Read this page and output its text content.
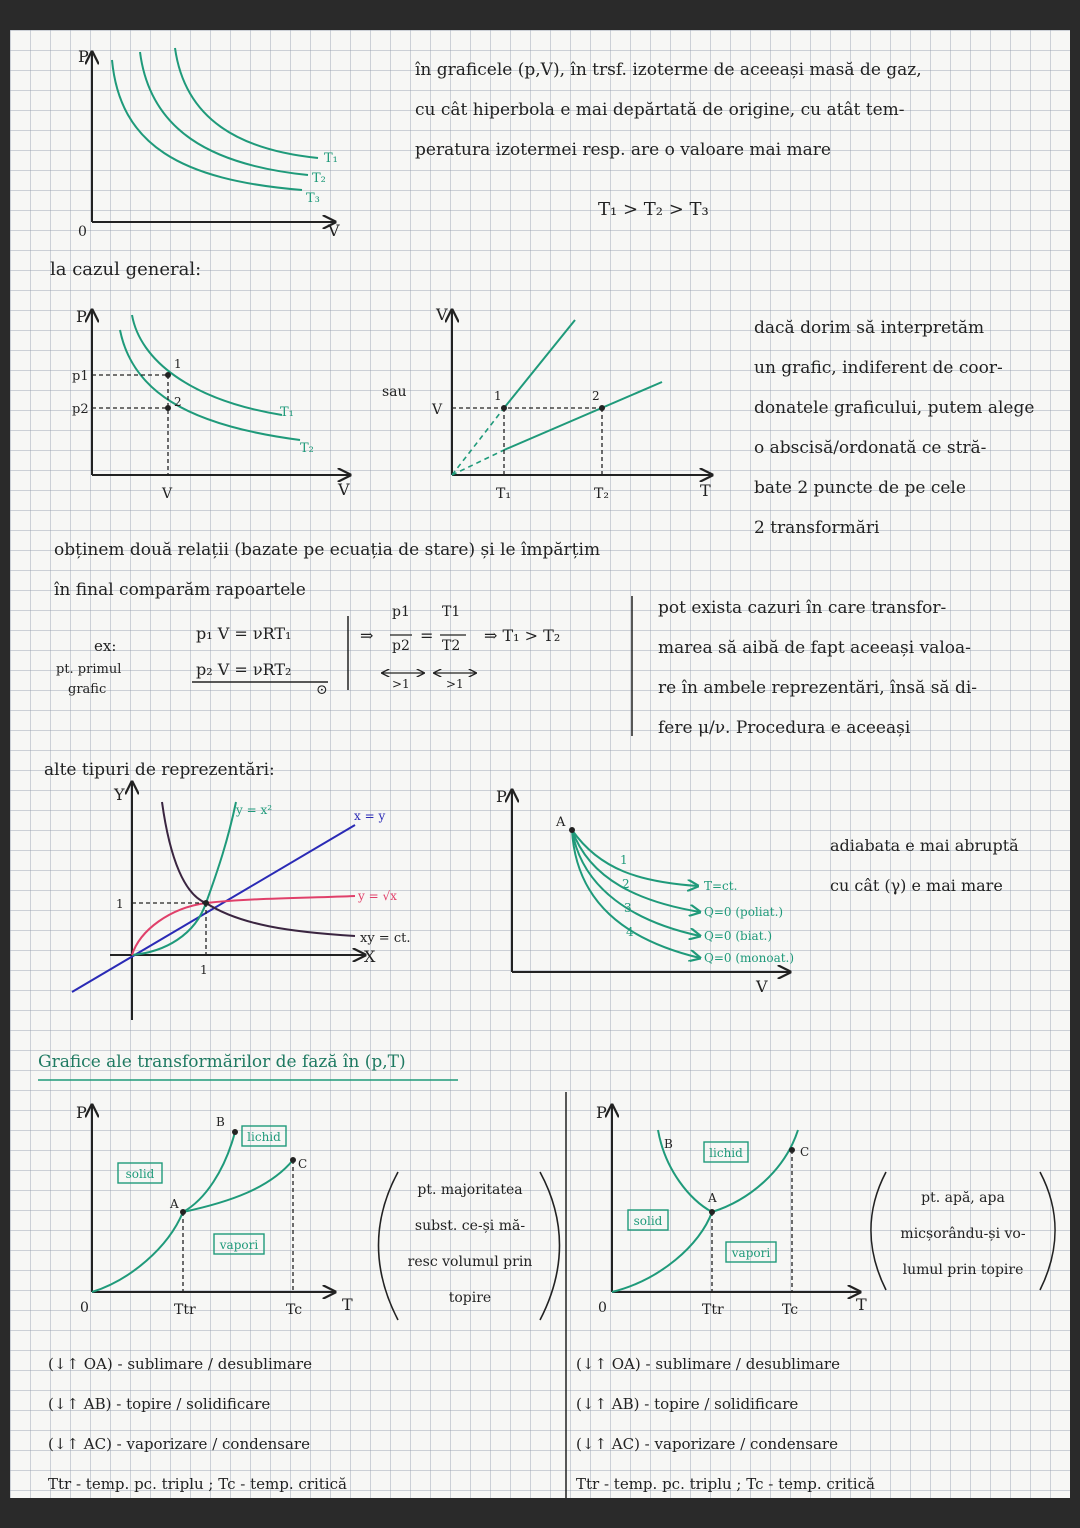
P
V
0
T₁
T₂
T₃
P
V
V
p1
p2
1
2
T₁
T₂
sau
V
T
V
T₁	T₂
1	2
Y
X
1
1
y = x²	x = y
y = √x
xy = ct.
P
V
A
1
2
3
4
T=ct.
Q=0 (poliat.)
Q=0 (biat.)
Q=0 (monoat.)
solid
lichid
vapori
P
T
0
A
B
C
Ttr	Tc
lichid
solid
vapori
P
T
0
A
B
C
Ttr	Tc
în graficele (p,V), în trsf. izoterme de aceeași masă de gaz,
cu cât hiperbola e mai depărtată de origine, cu atât tem-
peratura izotermei resp. are o valoare mai mare
T₁ > T₂ > T₃
la cazul general:
dacă dorim să interpretăm
un grafic, indiferent de coor-
donatele graficului, putem alege
o abscisă/ordonată ce stră-
bate 2 puncte de pe cele
2 transformări
obținem două relații (bazate pe ecuația de stare) și le împărțim
în final comparăm rapoartele
ex:
pt. primul
grafic
p₁ V = νRT₁
p₂ V = νRT₂
⊙
⇒
p1
p2
=
T1
T2
>1	>1
⇒ T₁ > T₂
pot exista cazuri în care transfor-
marea să aibă de fapt aceeași valoa-
re în ambele reprezentări, însă să di-
fere μ/ν. Procedura e aceeași
alte tipuri de reprezentări:
adiabata e mai abruptă
cu cât (γ) e mai mare
Grafice ale transformărilor de fază în (p,T)
pt. majoritatea
subst. ce-și mă-
resc volumul prin
topire
pt. apă, apa
micșorându-și vo-
lumul prin topire
(↓↑ OA) - sublimare / desublimare
(↓↑ AB) - topire / solidificare
(↓↑ AC) - vaporizare / condensare
Ttr - temp. pc. triplu ; Tc - temp. critică
(↓↑ OA) - sublimare / desublimare
(↓↑ AB) - topire / solidificare
(↓↑ AC) - vaporizare / condensare
Ttr - temp. pc. triplu ; Tc - temp. critică
